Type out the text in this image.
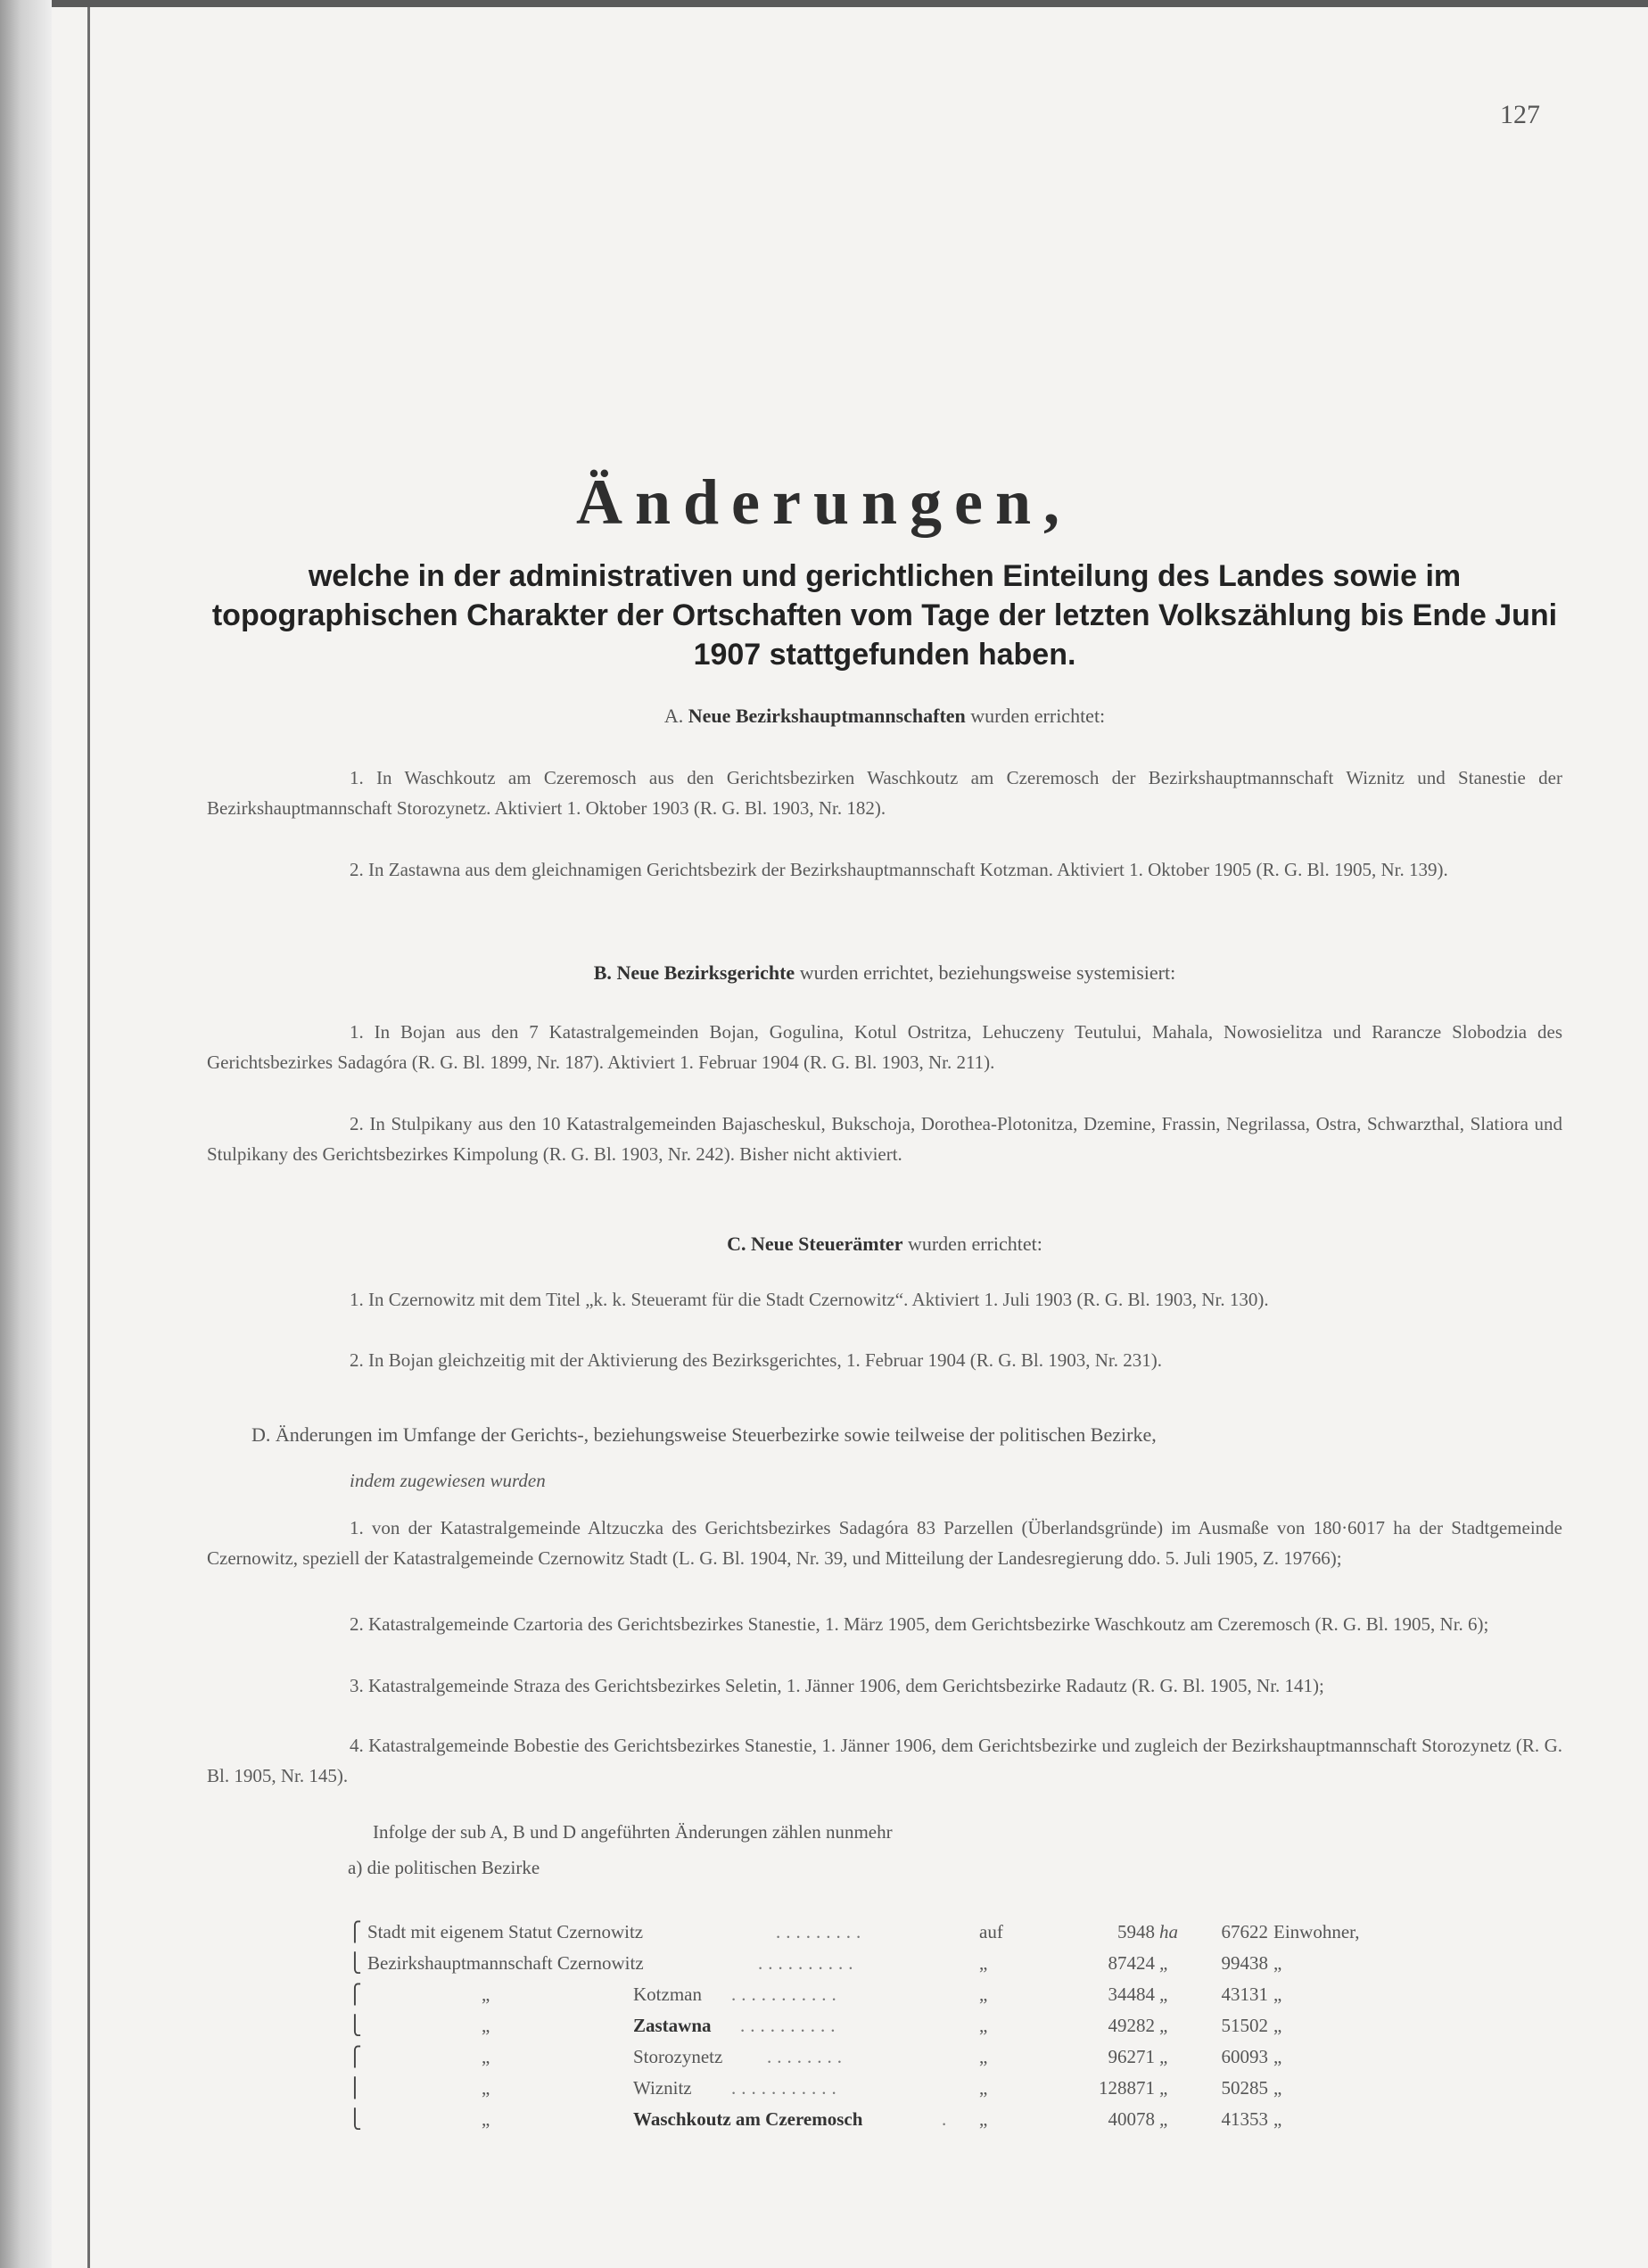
127
Änderungen,
welche in der administrativen und gerichtlichen Einteilung des Landes sowie im topographischen Charakter der Ortschaften vom Tage der letzten Volkszählung bis Ende Juni 1907 stattgefunden haben.
A. Neue Bezirkshauptmannschaften wurden errichtet:
1. In Waschkoutz am Czeremosch aus den Gerichtsbezirken Waschkoutz am Czeremosch der Bezirkshauptmannschaft Wiznitz und Stanestie der Bezirkshauptmannschaft Storozynetz. Aktiviert 1. Oktober 1903 (R. G. Bl. 1903, Nr. 182).
2. In Zastawna aus dem gleichnamigen Gerichtsbezirk der Bezirkshauptmannschaft Kotzman. Aktiviert 1. Oktober 1905 (R. G. Bl. 1905, Nr. 139).
B. Neue Bezirksgerichte wurden errichtet, beziehungsweise systemisiert:
1. In Bojan aus den 7 Katastralgemeinden Bojan, Gogulina, Kotul Ostritza, Lehuczeny Teutului, Mahala, Nowosielitza und Rarancze Slobodzia des Gerichtsbezirkes Sadagóra (R. G. Bl. 1899, Nr. 187). Aktiviert 1. Februar 1904 (R. G. Bl. 1903, Nr. 211).
2. In Stulpikany aus den 10 Katastralgemeinden Bajascheskul, Bukschoja, Dorothea-Plotonitza, Dzemine, Frassin, Negrilassa, Ostra, Schwarzthal, Slatiora und Stulpikany des Gerichtsbezirkes Kimpolung (R. G. Bl. 1903, Nr. 242). Bisher nicht aktiviert.
C. Neue Steuerämter wurden errichtet:
1. In Czernowitz mit dem Titel „k. k. Steueramt für die Stadt Czernowitz“. Aktiviert 1. Juli 1903 (R. G. Bl. 1903, Nr. 130).
2. In Bojan gleichzeitig mit der Aktivierung des Bezirksgerichtes, 1. Februar 1904 (R. G. Bl. 1903, Nr. 231).
D. Änderungen im Umfange der Gerichts-, beziehungsweise Steuerbezirke sowie teilweise der politischen Bezirke,
indem zugewiesen wurden
1. von der Katastralgemeinde Altzuczka des Gerichtsbezirkes Sadagóra 83 Parzellen (Überlandsgründe) im Ausmaße von 180·6017 ha der Stadtgemeinde Czernowitz, speziell der Katastralgemeinde Czernowitz Stadt (L. G. Bl. 1904, Nr. 39, und Mitteilung der Landesregierung ddo. 5. Juli 1905, Z. 19766);
2. Katastralgemeinde Czartoria des Gerichtsbezirkes Stanestie, 1. März 1905, dem Gerichtsbezirke Waschkoutz am Czeremosch (R. G. Bl. 1905, Nr. 6);
3. Katastralgemeinde Straza des Gerichtsbezirkes Seletin, 1. Jänner 1906, dem Gerichtsbezirke Radautz (R. G. Bl. 1905, Nr. 141);
4. Katastralgemeinde Bobestie des Gerichtsbezirkes Stanestie, 1. Jänner 1906, dem Gerichtsbezirke und zugleich der Bezirkshauptmannschaft Storozynetz (R. G. Bl. 1905, Nr. 145).
Infolge der sub A, B und D angeführten Änderungen zählen nunmehr
a) die politischen Bezirke
⎧ Stadt mit eigenem Statut Czernowitz	.........	auf	5948 ha	67622 Einwohner,
⎩ Bezirkshauptmannschaft Czernowitz	..........	„	87424 „	99438 „
⎧	„	Kotzman ...........	„	34484 „	43131 „
⎩	„	Zastawna ..........	„	49282 „	51502 „
⎧	„	Storozynetz ........	„	96271 „	60093 „
⎪	„	Wiznitz ...........	„	128871 „	50285 „
⎩	„	Waschkoutz am Czeremosch	. „	40078 „	41353 „
